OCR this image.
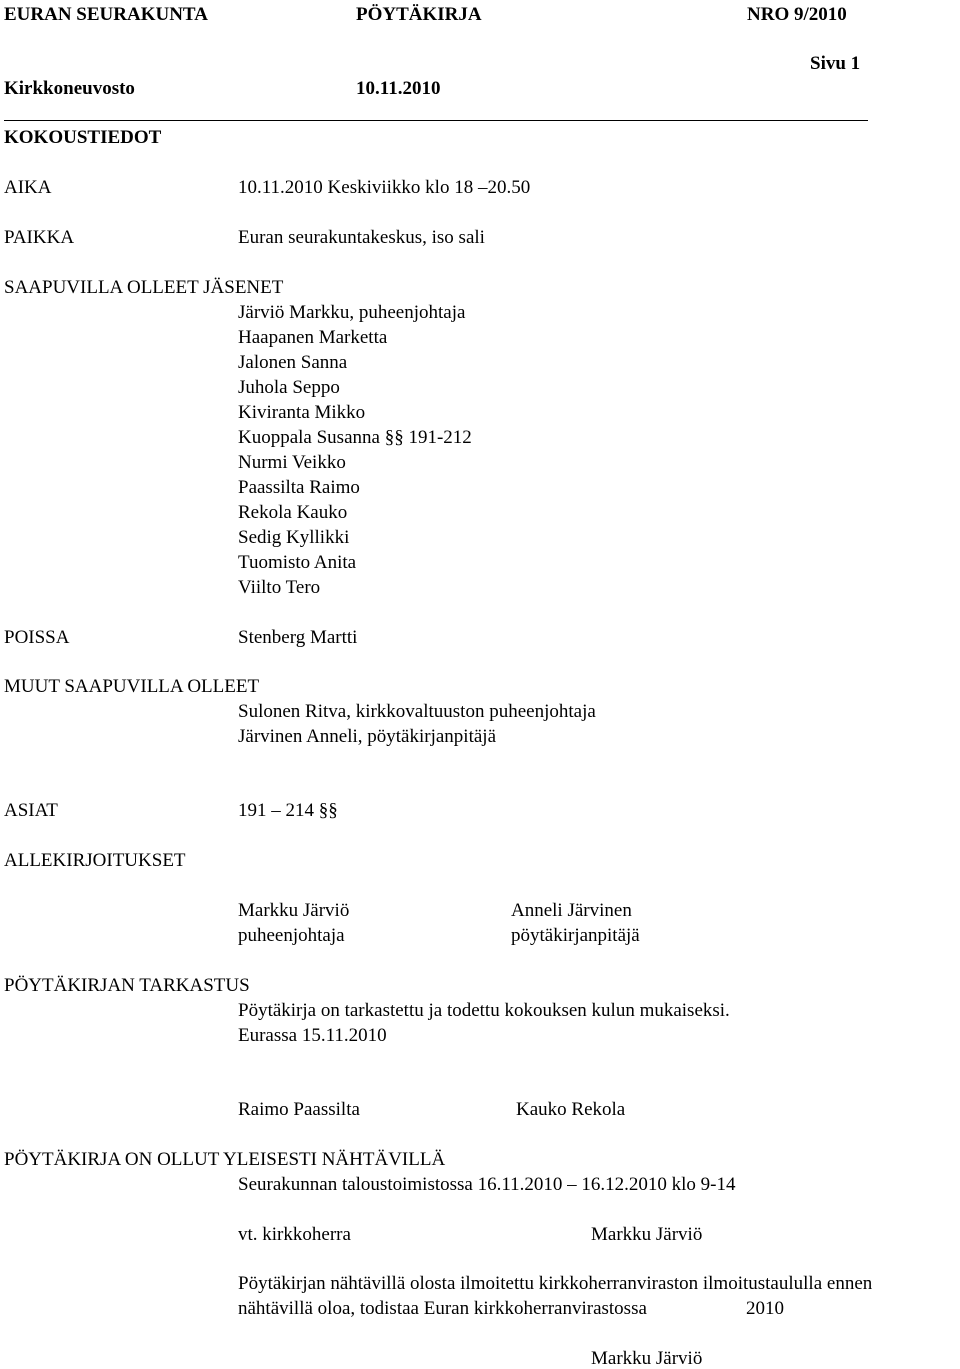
EURAN SEURAKUNTA	PÖYTÄKIRJA	NRO 9/2010
Sivu 1
Kirkkoneuvosto	10.11.2010
KOKOUSTIEDOT
AIKA	10.11.2010 Keskiviikko klo 18 –20.50
PAIKKA	Euran seurakuntakeskus, iso sali
SAAPUVILLA OLLEET JÄSENET
Järviö Markku, puheenjohtaja
Haapanen Marketta
Jalonen Sanna
Juhola Seppo
Kiviranta Mikko
Kuoppala Susanna §§ 191-212
Nurmi Veikko
Paassilta Raimo
Rekola Kauko
Sedig Kyllikki
Tuomisto Anita
Viilto Tero
POISSA	Stenberg Martti
MUUT SAAPUVILLA OLLEET
Sulonen Ritva, kirkkovaltuuston puheenjohtaja
Järvinen Anneli, pöytäkirjanpitäjä
ASIAT	191 – 214 §§
ALLEKIRJOITUKSET
Markku Järviö	Anneli Järvinen
puheenjohtaja	pöytäkirjanpitäjä
PÖYTÄKIRJAN TARKASTUS
Pöytäkirja on tarkastettu ja todettu kokouksen kulun mukaiseksi.
Eurassa 15.11.2010
Raimo Paassilta	Kauko Rekola
PÖYTÄKIRJA ON OLLUT YLEISESTI NÄHTÄVILLÄ
Seurakunnan taloustoimistossa 16.11.2010 – 16.12.2010 klo 9-14
vt. kirkkoherra	Markku Järviö
Pöytäkirjan nähtävillä olosta ilmoitettu kirkkoherranviraston ilmoitustaululla ennen
nähtävillä oloa, todistaa Euran kirkkoherranvirastossa	2010
Markku Järviö
